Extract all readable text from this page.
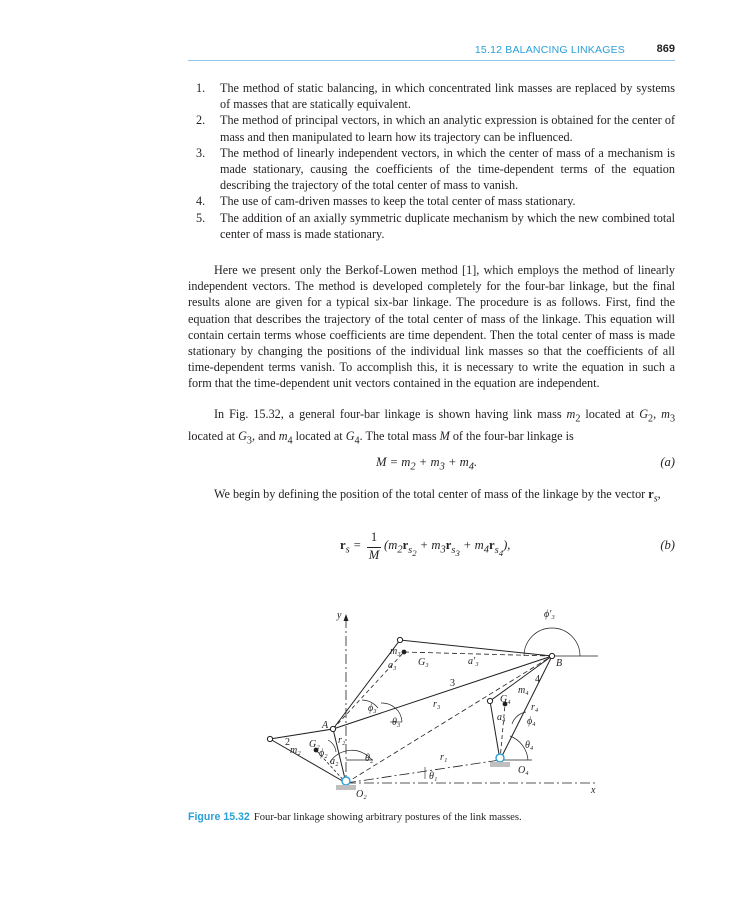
15.12 BALANCING LINKAGES	869
1. The method of static balancing, in which concentrated link masses are replaced by systems of masses that are statically equivalent.
2. The method of principal vectors, in which an analytic expression is obtained for the center of mass and then manipulated to learn how its trajectory can be influenced.
3. The method of linearly independent vectors, in which the center of mass of a mechanism is made stationary, causing the coefficients of the time-dependent terms of the equation describing the trajectory of the total center of mass to vanish.
4. The use of cam-driven masses to keep the total center of mass stationary.
5. The addition of an axially symmetric duplicate mechanism by which the new combined total center of mass is made stationary.

Here we present only the Berkof-Lowen method [1], which employs the method of linearly independent vectors. The method is developed completely for the four-bar linkage, but the final results alone are given for a typical six-bar linkage. The procedure is as follows. First, find the equation that describes the trajectory of the total center of mass of the linkage. This equation will contain certain terms whose coefficients are time dependent. Then the total center of mass is made stationary by changing the positions of the individual link masses so that the coefficients of all time-dependent terms vanish. To accomplish this, it is necessary to write the equation in such a form that the time-dependent unit vectors contained in the equation are independent.

In Fig. 15.32, a general four-bar linkage is shown having link mass $m_2$ located at $G_2$, $m_3$ located at $G_3$, and $m_4$ located at $G_4$. The total mass M of the four-bar linkage is

$M = m_2 + m_3 + m_4$.	(a)

We begin by defining the position of the total center of mass of the linkage by the vector $r_s$,

$r_s$ =
1
M
$(m_2r_{s_2} + m_3r_{s_3} + m_4r_{s_4})$,	(b)
y
x
A
B
O₂
O₄
m₂
m₃
m₄
G₂
G₃
G₄
a₂
a₃	a′₃
a₄
r₁
r₂
r₃	r₄
θ₁
θ₂
θ₃
θ₄
ϕ₂
ϕ₃
ϕ′₃
ϕ₄
2
3	4
Figure 15.32 Four-bar linkage showing arbitrary postures of the link masses.
